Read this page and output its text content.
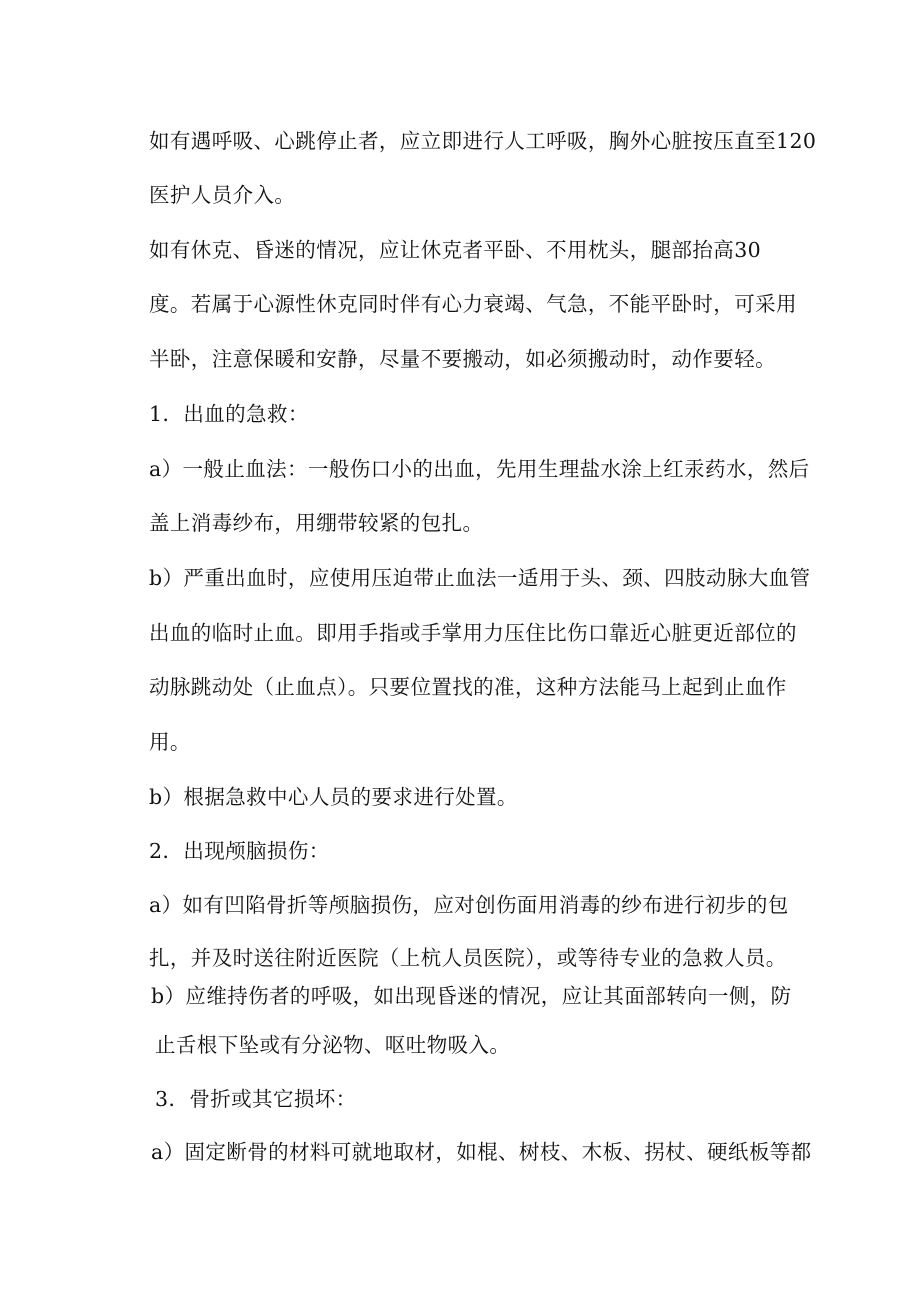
如有遇呼吸、心跳停止者，应立即进行人工呼吸，胸外心脏按压直至120

医护人员介入。

如有休克、昏迷的情况，应让休克者平卧、不用枕头，腿部抬高30

度。若属于心源性休克同时伴有心力衰竭、气急，不能平卧时，可采用

半卧，注意保暖和安静，尽量不要搬动，如必须搬动时，动作要轻。

1．出血的急救：

a）一般止血法：一般伤口小的出血，先用生理盐水涂上红汞药水，然后

盖上消毒纱布，用绷带较紧的包扎。

b）严重出血时，应使用压迫带止血法一适用于头、颈、四肢动脉大血管

出血的临时止血。即用手指或手掌用力压住比伤口靠近心脏更近部位的

动脉跳动处（止血点）。只要位置找的准，这种方法能马上起到止血作

用。

b）根据急救中心人员的要求进行处置。

2．出现颅脑损伤：

a）如有凹陷骨折等颅脑损伤，应对创伤面用消毒的纱布进行初步的包

扎，并及时送往附近医院（上杭人员医院），或等待专业的急救人员。

b）应维持伤者的呼吸，如出现昏迷的情况，应让其面部转向一侧，防

止舌根下坠或有分泌物、呕吐物吸入。

3．骨折或其它损坏：

a）固定断骨的材料可就地取材，如棍、树枝、木板、拐杖、硬纸板等都
